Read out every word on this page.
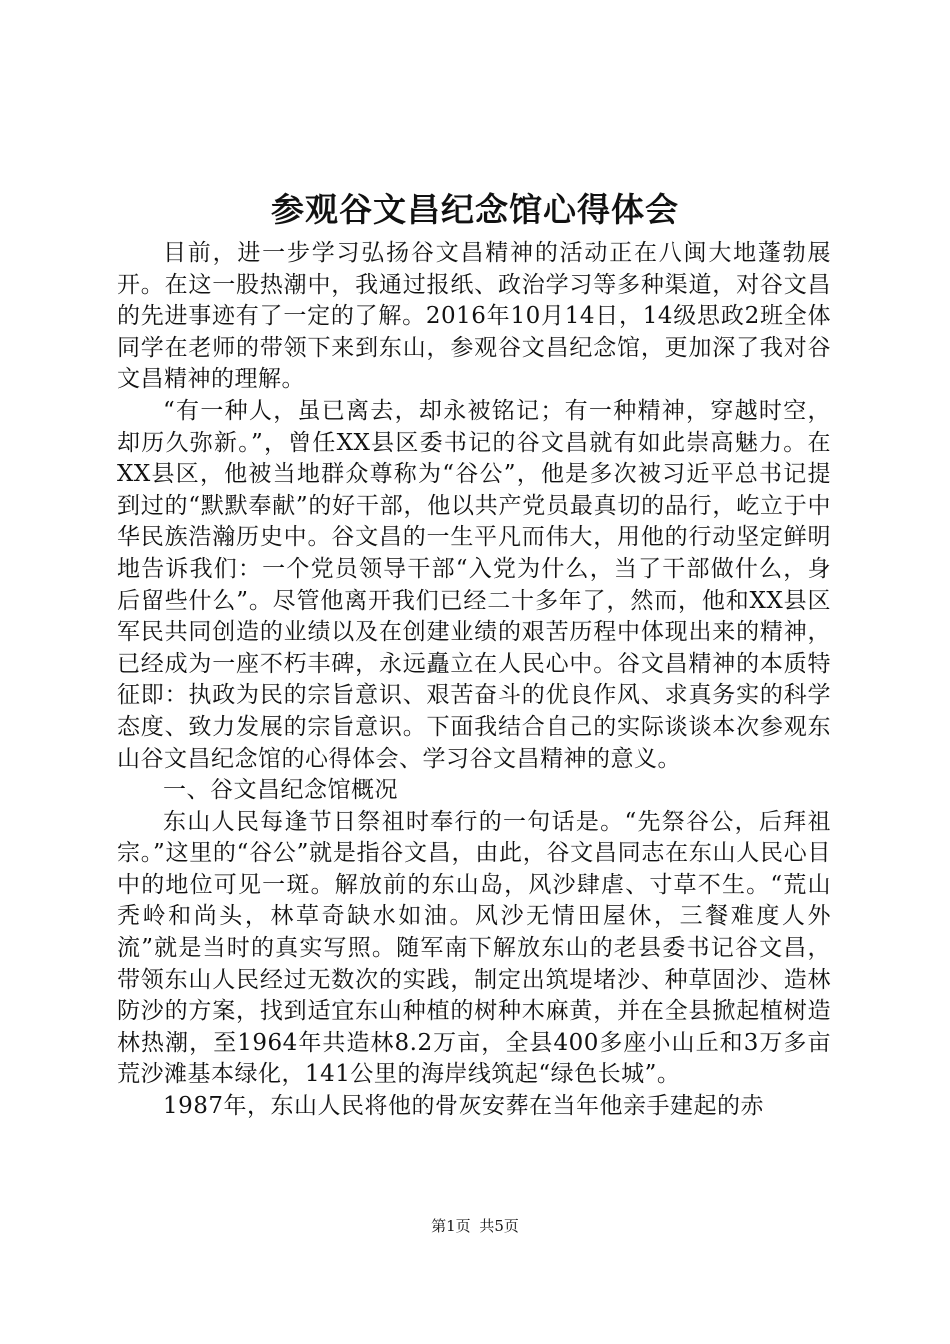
参观谷文昌纪念馆心得体会

目前，进一步学习弘扬谷文昌精神的活动正在八闽大地蓬勃展开。在这一股热潮中，我通过报纸、政治学习等多种渠道，对谷文昌的先进事迹有了一定的了解。2016年10月14日，14级思政2班全体同学在老师的带领下来到东山，参观谷文昌纪念馆，更加深了我对谷文昌精神的理解。

“有一种人，虽已离去，却永被铭记；有一种精神，穿越时空，却历久弥新。”，曾任XX县区委书记的谷文昌就有如此崇高魅力。在XX县区，他被当地群众尊称为“谷公”，他是多次被习近平总书记提到过的“默默奉献”的好干部，他以共产党员最真切的品行，屹立于中华民族浩瀚历史中。谷文昌的一生平凡而伟大，用他的行动坚定鲜明地告诉我们：一个党员领导干部“入党为什么，当了干部做什么，身后留些什么”。尽管他离开我们已经二十多年了，然而，他和XX县区军民共同创造的业绩以及在创建业绩的艰苦历程中体现出来的精神，已经成为一座不朽丰碑，永远矗立在人民心中。谷文昌精神的本质特征即：执政为民的宗旨意识、艰苦奋斗的优良作风、求真务实的科学态度、致力发展的宗旨意识。下面我结合自己的实际谈谈本次参观东山谷文昌纪念馆的心得体会、学习谷文昌精神的意义。

一、谷文昌纪念馆概况

东山人民每逢节日祭祖时奉行的一句话是。“先祭谷公，后拜祖宗。”这里的“谷公”就是指谷文昌，由此，谷文昌同志在东山人民心目中的地位可见一斑。解放前的东山岛，风沙肆虐、寸草不生。“荒山秃岭和尚头，林草奇缺水如油。风沙无情田屋休，三餐难度人外流”就是当时的真实写照。随军南下解放东山的老县委书记谷文昌，带领东山人民经过无数次的实践，制定出筑堤堵沙、种草固沙、造林防沙的方案，找到适宜东山种植的树种木麻黄，并在全县掀起植树造林热潮，至1964年共造林8.2万亩，全县400多座小山丘和3万多亩荒沙滩基本绿化，141公里的海岸线筑起“绿色长城”。

1987年，东山人民将他的骨灰安葬在当年他亲手建起的赤

第1页 共5页
